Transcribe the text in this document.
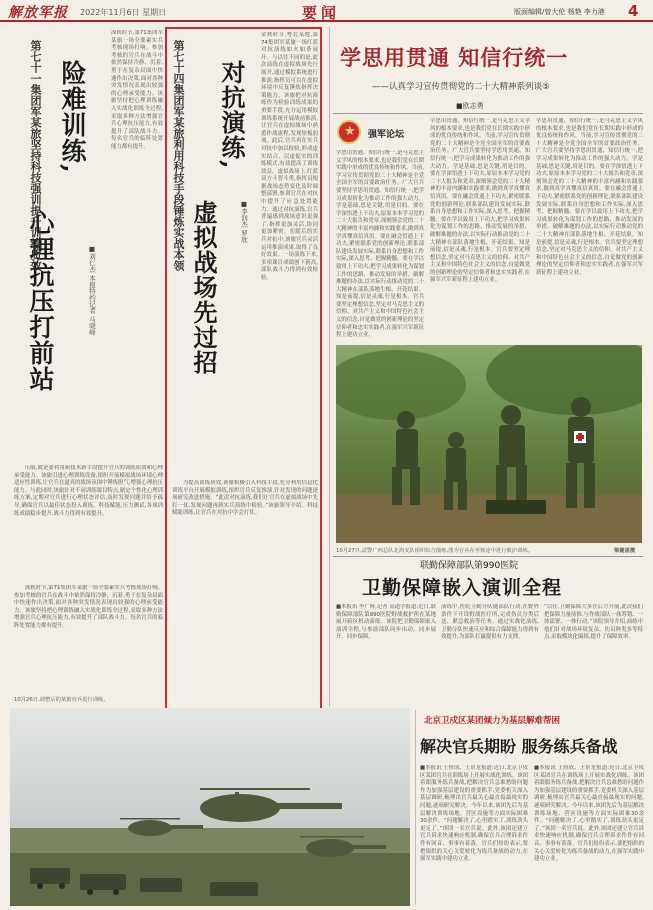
解放军报 2022年11月6日 星期日	要闻	版面编辑/曾大伦 杨艳 李力港 4
险难训练,
心理抗压打前站
第七十一集团军某旅坚持科技强训提升训练质效
■刘仁杰 本报特约记者 马晓峰
深秋时节,第71集团军某旅一场全要素实兵考核现场打响。参加考核的官兵在战斗中依然保持冷静、沉着,勇于在复杂局面中快速作出决策,面对各种突发情况表现出较强的心理承受能力。该旅坚持把心理训练融入实战化训练全过程,采取多种方法增强官兵心理抗压能力,有效提升了部队战斗力。每名官兵的临阵处置能力都有提升。

压限,就是要利用新技术新手段提升官兵的训练质效和心理承受能力。该旅引进心理训练设备,组织开展模拟战场环境心理适应性训练,让官兵在逼真的战场氛围中锤炼胆气,增强心理抗压能力。与此同时,该旅针对不同训练课目特点,制定个性化心理训练方案,定期对官兵进行心理状态评估,及时发现问题并给予疏导,确保官兵以最佳状态投入训练。科技赋能,压力测试,各项训练成绩稳步提升,战斗力得到有效提升。

10月26日,调整后的某旅官兵进行训练。
对抗演练,
虚拟战场先过招
第七十四集团军某旅利用科技手段锤炼实战本领	■李润杰 罗欣
金秋时节,粤北某地,第74集团军某旅一场红蓝对抗演练如火如荼展开。与以往不同的是,此次演练在虚拟战场先行展开,通过模拟系统进行推演,指挥员可以在虚拟环境中反复锤炼指挥决策能力。该旅把对抗演练作为检验训练成果的重要手段,充分运用模拟训练系统开展战前推演,让官兵在虚拟战场中熟悉作战流程,发现短板弱项。此后,官兵再在实兵对抗中加以检验,形成虚实结合、以虚促实的训练模式,有效提高了训练效益。虚拟战场上,红蓝双方斗智斗勇,指挥员根据战场态势变化及时调整部署,参训官兵在对抗中提升了应急处置能力。通过对抗演练,官兵普遍感到战场意识更强了,指挥更加灵活,协同更加紧密。在随后的实兵对抗中,该旅官兵灵活运用推演成果,取得了良好效果。一场演练下来,多项课目成绩创下新高,部队战斗力得到有效检验。

为提高训练质效,该旅积极引入科技手段,充分利用信息化训练平台开展模拟训练,组织官兵反复推演,针对发现的问题逐项研究改进措施。“此次对抗演练,我们让官兵在虚拟战场中先打一仗,发现问题再到实兵演练中检验。”该旅领导介绍。科技赋能训练,让官兵在对抗中学会打仗。

深秋时节,第71集团军某旅一场全要素实兵考核现场打响。参加考核的官兵在战斗中依然保持冷静、沉着,勇于在复杂局面中快速作出决策,面对各种突发情况表现出较强的心理承受能力。该旅坚持把心理训练融入实战化训练全过程,采取多种方法增强官兵心理抗压能力,有效提升了部队战斗力。每名官兵的临阵处置能力都有提升。

学思用贯通 知信行统一
——认真学习宣传贯彻党的二十大精神系列谈⑤
■欧志勇
★ 强军论坛
学思用贯通、知信行统一,是马克思主义学风的根本要求,也是我们党在长期实践中形成的优良传统和作风。当前,学习宣传贯彻党的二十大精神是全党全国全军的首要政治任务。广大官兵要坚持学思用贯通、知信行统一,把学习成果转化为推动工作的强大动力。学是基础,思是关键,用是目的。要在学深悟透上下功夫,原原本本学习党的二十大报告和党章,深刻领会党的二十大精神的丰富内涵和实践要求,做到真学真懂真信真用。要在融会贯通上下功夫,紧密联系党的创新理论,联系部队建设发展实际,联系自身思想和工作实际,深入思考、把握精髓。要在学以致用上下功夫,把学习成果转化为谋划工作的思路、推动发展的举措、破解难题的办法,以实际行动推动党的二十大精神在部队落地生根、开花结果。知是前提,信是灵魂,行是根本。官兵要坚定理想信念,坚定对马克思主义的信仰、对共产主义和中国特色社会主义的信念,自觉做党的创新理论的坚定信仰者和忠实实践者,在强军兴军新征程上建功立业。
学思用贯通、知信行统一,是马克思主义学风的根本要求,也是我们党在长期实践中形成的优良传统和作风。当前,学习宣传贯彻党的二十大精神是全党全国全军的首要政治任务。广大官兵要坚持学思用贯通、知信行统一,把学习成果转化为推动工作的强大动力。学是基础,思是关键,用是目的。要在学深悟透上下功夫,原原本本学习党的二十大报告和党章,深刻领会党的二十大精神的丰富内涵和实践要求,做到真学真懂真信真用。要在融会贯通上下功夫,紧密联系党的创新理论,联系部队建设发展实际,联系自身思想和工作实际,深入思考、把握精髓。要在学以致用上下功夫,把学习成果转化为谋划工作的思路、推动发展的举措、破解难题的办法,以实际行动推动党的二十大精神在部队落地生根、开花结果。知是前提,信是灵魂,行是根本。官兵要坚定理想信念,坚定对马克思主义的信仰、对共产主义和中国特色社会主义的信念,自觉做党的创新理论的坚定信仰者和忠实实践者,在强军兴军新征程上建功立业。
学思用贯通、知信行统一,是马克思主义学风的根本要求,也是我们党在长期实践中形成的优良传统和作风。当前,学习宣传贯彻党的二十大精神是全党全国全军的首要政治任务。广大官兵要坚持学思用贯通、知信行统一,把学习成果转化为推动工作的强大动力。学是基础,思是关键,用是目的。要在学深悟透上下功夫,原原本本学习党的二十大报告和党章,深刻领会党的二十大精神的丰富内涵和实践要求,做到真学真懂真信真用。要在融会贯通上下功夫,紧密联系党的创新理论,联系部队建设发展实际,联系自身思想和工作实际,深入思考、把握精髓。要在学以致用上下功夫,把学习成果转化为谋划工作的思路、推动发展的举措、破解难题的办法,以实际行动推动党的二十大精神在部队落地生根、开花结果。知是前提,信是灵魂,行是根本。官兵要坚定理想信念,坚定对马克思主义的信仰、对共产主义和中国特色社会主义的信念,自觉做党的创新理论的坚定信仰者和忠实实践者,在强军兴军新征程上建功立业。
10月27日,武警广西总队北海支队组织综合演练,图为官兵在考核途中进行救护训练。	梁健恩摄
联勤保障部队第990医院
卫勤保障嵌入演训全程
■本报讯 李广辉,记者 高道学报道:近日,联勤保障部队第990医院野战救护所在某地展开跨区机动演练。该院把卫勤保障嵌入演训全程,与参演部队同步出动、同步展开、同步保障。
演练中,医院卫勤分队随部队行动,在野外条件下开设野战医疗所,完成伤员分类后送、紧急救治等任务。通过实战化演练,卫勤分队快速反应和综合保障能力得到有效提升,为部队打赢提供有力支撑。
“以往,卫勤保障大多在后方开展,此次我们把保障力量前推,与作战部队一体筹划、一体部署、一体行动。”该院领导介绍,演练中他们针对战场环境复杂、伤员种类多等特点,采取模块化编组,提升了保障效率。
北京卫戍区某团倾力为基层解难帮困
解决官兵期盼 服务练兵备战
■本报讯 王煜成、王景龙报道:近日,北京卫戍区某团官兵在训练场上开展实战化训练。该团着眼服务练兵备战,把解决官兵急难愁盼问题作为加强基层建设的重要抓手,党委机关深入基层调研,梳理出官兵最关心最直接最现实的问题,逐项研究解决。今年以来,该团先后为基层解决训练场地、营区设施等方面实际困难30余件。“问题解决了,心里踏实了,训练劲头更足了。”该团一名官兵说。此外,该团还建立官兵诉求快速响应机制,确保官兵合理诉求件件有回音、事事有着落。官兵们纷纷表示,要把组织的关心关爱转化为练兵备战的动力,在强军实践中建功立业。
■本报讯 王煜成、王景龙报道:近日,北京卫戍区某团官兵在训练场上开展实战化训练。该团着眼服务练兵备战,把解决官兵急难愁盼问题作为加强基层建设的重要抓手,党委机关深入基层调研,梳理出官兵最关心最直接最现实的问题,逐项研究解决。今年以来,该团先后为基层解决训练场地、营区设施等方面实际困难30余件。“问题解决了,心里踏实了,训练劲头更足了。”该团一名官兵说。此外,该团还建立官兵诉求快速响应机制,确保官兵合理诉求件件有回音、事事有着落。官兵们纷纷表示,要把组织的关心关爱转化为练兵备战的动力,在强军实践中建功立业。
